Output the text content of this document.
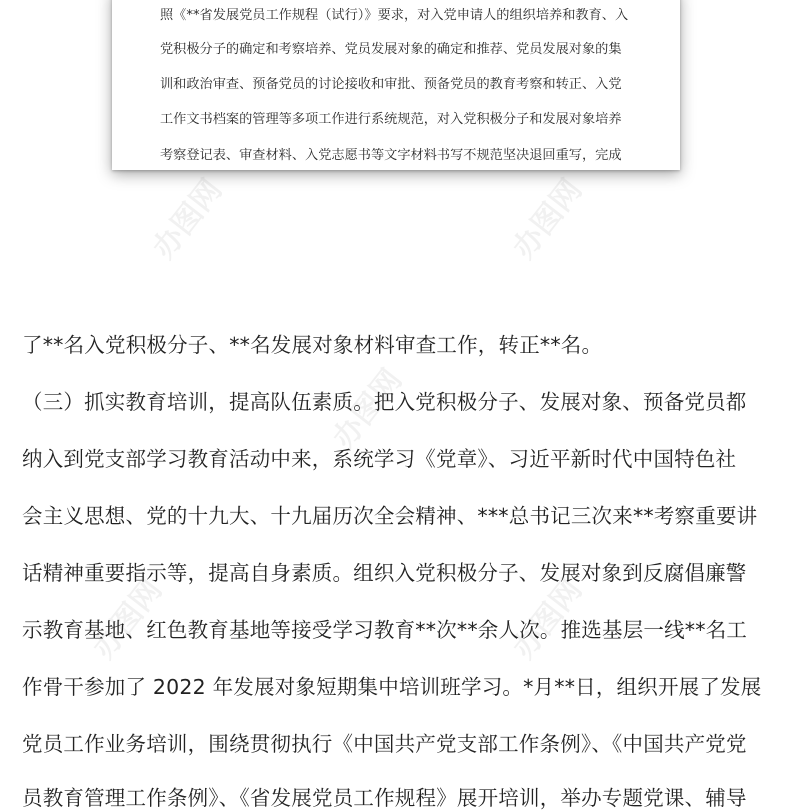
办图网	办图网
办图网
办图网	办图网
照《**省发展党员工作规程（试行）》要求，对入党申请人的组织培养和教育、入
党积极分子的确定和考察培养、党员发展对象的确定和推荐、党员发展对象的集
训和政治审查、预备党员的讨论接收和审批、预备党员的教育考察和转正、入党
工作文书档案的管理等多项工作进行系统规范，对入党积极分子和发展对象培养
考察登记表、审查材料、入党志愿书等文字材料书写不规范坚决退回重写，完成
了**名入党积极分子、**名发展对象材料审查工作，转正**名。
（三）抓实教育培训，提高队伍素质。把入党积极分子、发展对象、预备党员都
纳入到党支部学习教育活动中来，系统学习《党章》、习近平新时代中国特色社
会主义思想、党的十九大、十九届历次全会精神、***总书记三次来**考察重要讲
话精神重要指示等，提高自身素质。组织入党积极分子、发展对象到反腐倡廉警
示教育基地、红色教育基地等接受学习教育**次**余人次。推选基层一线**名工
作骨干参加了 2022 年发展对象短期集中培训班学习。*月**日，组织开展了发展
党员工作业务培训，围绕贯彻执行《中国共产党支部工作条例》、《中国共产党党
员教育管理工作条例》、《省发展党员工作规程》展开培训，举办专题党课、辅导
